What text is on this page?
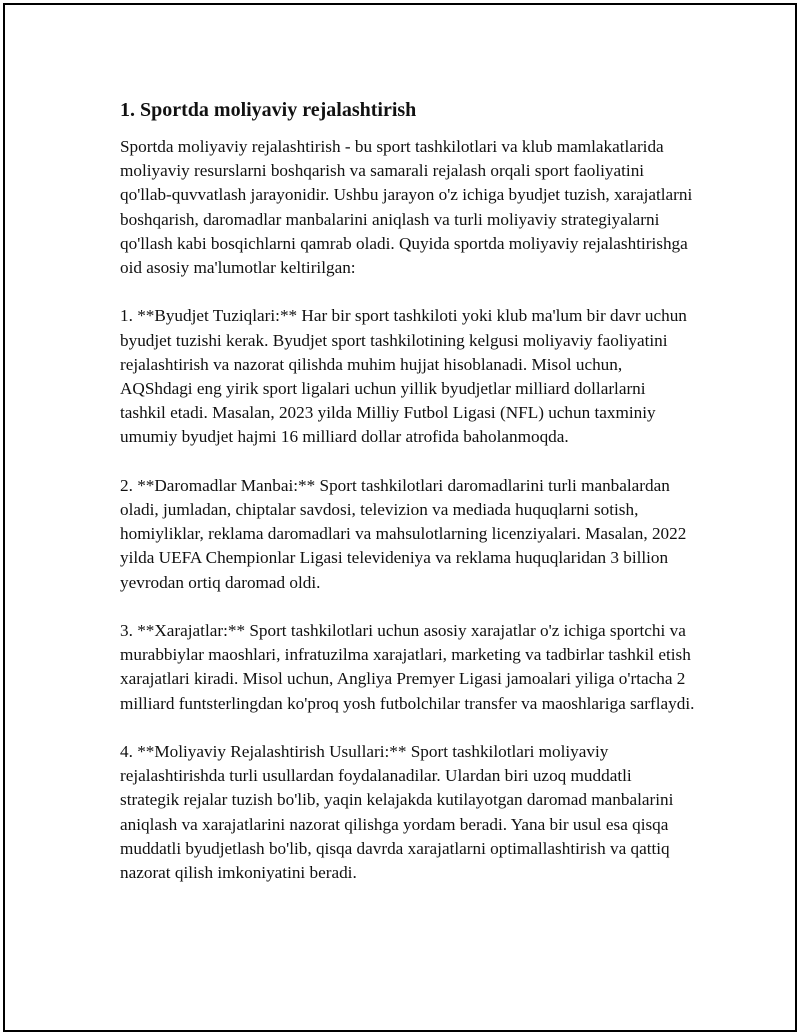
1. Sportda moliyaviy rejalashtirish

Sportda moliyaviy rejalashtirish - bu sport tashkilotlari va klub mamlakatlarida moliyaviy resurslarni boshqarish va samarali rejalash orqali sport faoliyatini qo'llab-quvvatlash jarayonidir. Ushbu jarayon o'z ichiga byudjet tuzish, xarajatlarni boshqarish, daromadlar manbalarini aniqlash va turli moliyaviy strategiyalarni qo'llash kabi bosqichlarni qamrab oladi. Quyida sportda moliyaviy rejalashtirishga oid asosiy ma'lumotlar keltirilgan:

1. **Byudjet Tuziqlari:** Har bir sport tashkiloti yoki klub ma'lum bir davr uchun byudjet tuzishi kerak. Byudjet sport tashkilotining kelgusi moliyaviy faoliyatini rejalashtirish va nazorat qilishda muhim hujjat hisoblanadi. Misol uchun, AQShdagi eng yirik sport ligalari uchun yillik byudjetlar milliard dollarlarni tashkil etadi. Masalan, 2023 yilda Milliy Futbol Ligasi (NFL) uchun taxminiy umumiy byudjet hajmi 16 milliard dollar atrofida baholanmoqda.

2. **Daromadlar Manbai:** Sport tashkilotlari daromadlarini turli manbalardan oladi, jumladan, chiptalar savdosi, televizion va mediada huquqlarni sotish, homiyliklar, reklama daromadlari va mahsulotlarning licenziyalari. Masalan, 2022 yilda UEFA Chempionlar Ligasi televideniya va reklama huquqlaridan 3 billion yevrodan ortiq daromad oldi.

3. **Xarajatlar:** Sport tashkilotlari uchun asosiy xarajatlar o'z ichiga sportchi va murabbiylar maoshlari, infratuzilma xarajatlari, marketing va tadbirlar tashkil etish xarajatlari kiradi. Misol uchun, Angliya Premyer Ligasi jamoalari yiliga o'rtacha 2 milliard funtsterlingdan ko'proq yosh futbolchilar transfer va maoshlariga sarflaydi.

4. **Moliyaviy Rejalashtirish Usullari:** Sport tashkilotlari moliyaviy rejalashtirishda turli usullardan foydalanadilar. Ulardan biri uzoq muddatli strategik rejalar tuzish bo'lib, yaqin kelajakda kutilayotgan daromad manbalarini aniqlash va xarajatlarini nazorat qilishga yordam beradi. Yana bir usul esa qisqa muddatli byudjetlash bo'lib, qisqa davrda xarajatlarni optimallashtirish va qattiq nazorat qilish imkoniyatini beradi.
